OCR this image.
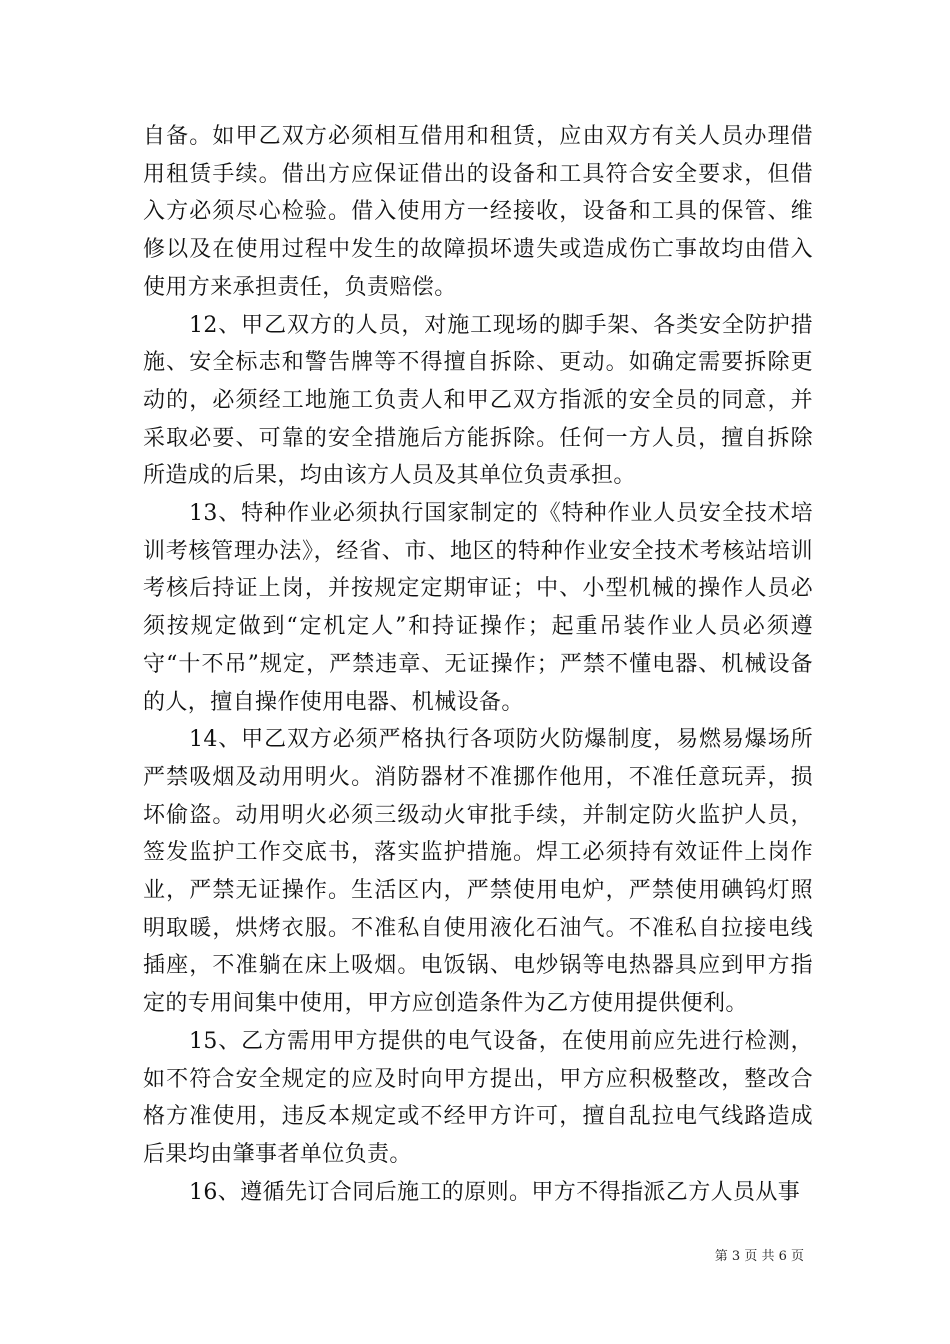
自备。如甲乙双方必须相互借用和租赁，应由双方有关人员办理借用租赁手续。借出方应保证借出的设备和工具符合安全要求，但借入方必须尽心检验。借入使用方一经接收，设备和工具的保管、维修以及在使用过程中发生的故障损坏遗失或造成伤亡事故均由借入使用方来承担责任，负责赔偿。

12、甲乙双方的人员，对施工现场的脚手架、各类安全防护措施、安全标志和警告牌等不得擅自拆除、更动。如确定需要拆除更动的，必须经工地施工负责人和甲乙双方指派的安全员的同意，并采取必要、可靠的安全措施后方能拆除。任何一方人员，擅自拆除所造成的后果，均由该方人员及其单位负责承担。

13、特种作业必须执行国家制定的《特种作业人员安全技术培训考核管理办法》，经省、市、地区的特种作业安全技术考核站培训考核后持证上岗，并按规定定期审证；中、小型机械的操作人员必须按规定做到“定机定人”和持证操作；起重吊装作业人员必须遵守“十不吊”规定，严禁违章、无证操作；严禁不懂电器、机械设备的人，擅自操作使用电器、机械设备。

14、甲乙双方必须严格执行各项防火防爆制度，易燃易爆场所严禁吸烟及动用明火。消防器材不准挪作他用，不准任意玩弄，损坏偷盗。动用明火必须三级动火审批手续，并制定防火监护人员，签发监护工作交底书，落实监护措施。焊工必须持有效证件上岗作业，严禁无证操作。生活区内，严禁使用电炉，严禁使用碘钨灯照明取暖，烘烤衣服。不准私自使用液化石油气。不准私自拉接电线插座，不准躺在床上吸烟。电饭锅、电炒锅等电热器具应到甲方指定的专用间集中使用，甲方应创造条件为乙方使用提供便利。

15、乙方需用甲方提供的电气设备，在使用前应先进行检测，如不符合安全规定的应及时向甲方提出，甲方应积极整改，整改合格方准使用，违反本规定或不经甲方许可，擅自乱拉电气线路造成后果均由肇事者单位负责。

16、遵循先订合同后施工的原则。甲方不得指派乙方人员从事

第 3 页 共 6 页
